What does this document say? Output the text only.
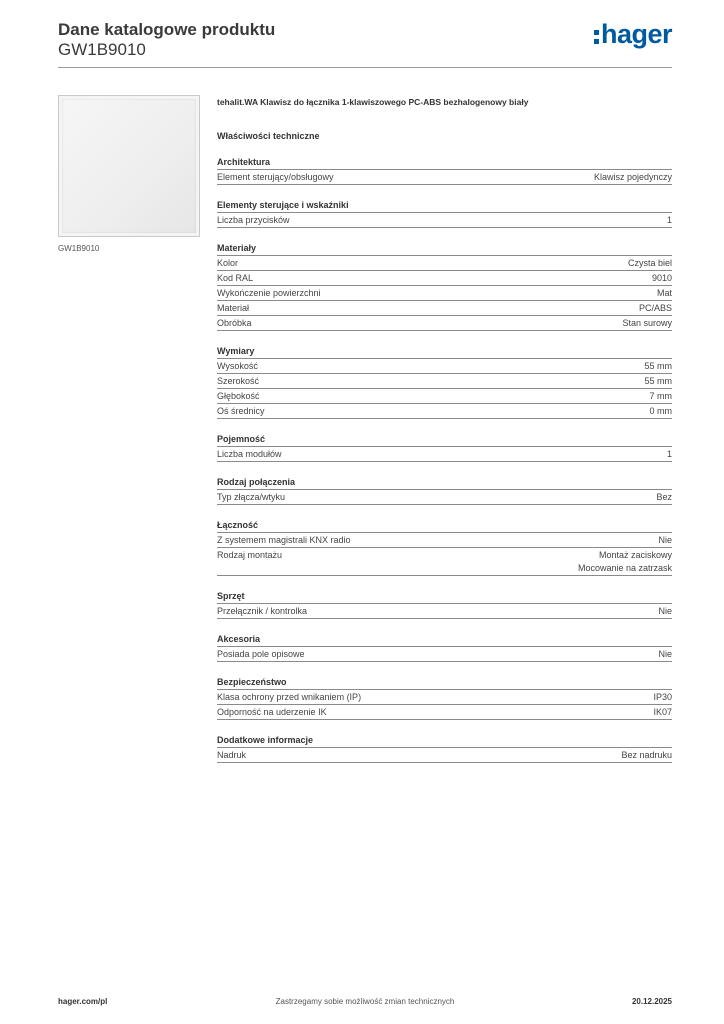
Dane katalogowe produktu
GW1B9010
hager
GW1B9010
tehalit.WA Klawisz do łącznika 1-klawiszowego PC-ABS bezhalogenowy biały
Właściwości techniczne
Architektura
Element sterujący/obsługowy	Klawisz pojedynczy
Elementy sterujące i wskaźniki
Liczba przycisków	1
Materiały
Kolor	Czysta biel
Kod RAL	9010
Wykończenie powierzchni	Mat
Materiał	PC/ABS
Obróbka	Stan surowy
Wymiary
Wysokość	55 mm
Szerokość	55 mm
Głębokość	7 mm
Oś średnicy	0 mm
Pojemność
Liczba modułów	1
Rodzaj połączenia
Typ złącza/wtyku	Bez
Łączność
Z systemem magistrali KNX radio	Nie
Rodzaj montażu	Montaż zaciskowy
Mocowanie na zatrzask
Sprzęt
Przełącznik / kontrolka	Nie
Akcesoria
Posiada pole opisowe	Nie
Bezpieczeństwo
Klasa ochrony przed wnikaniem (IP)	IP30
Odporność na uderzenie IK	IK07
Dodatkowe informacje
Nadruk	Bez nadruku
hager.com/pl	Zastrzegamy sobie możliwość zmian technicznych	20.12.2025
